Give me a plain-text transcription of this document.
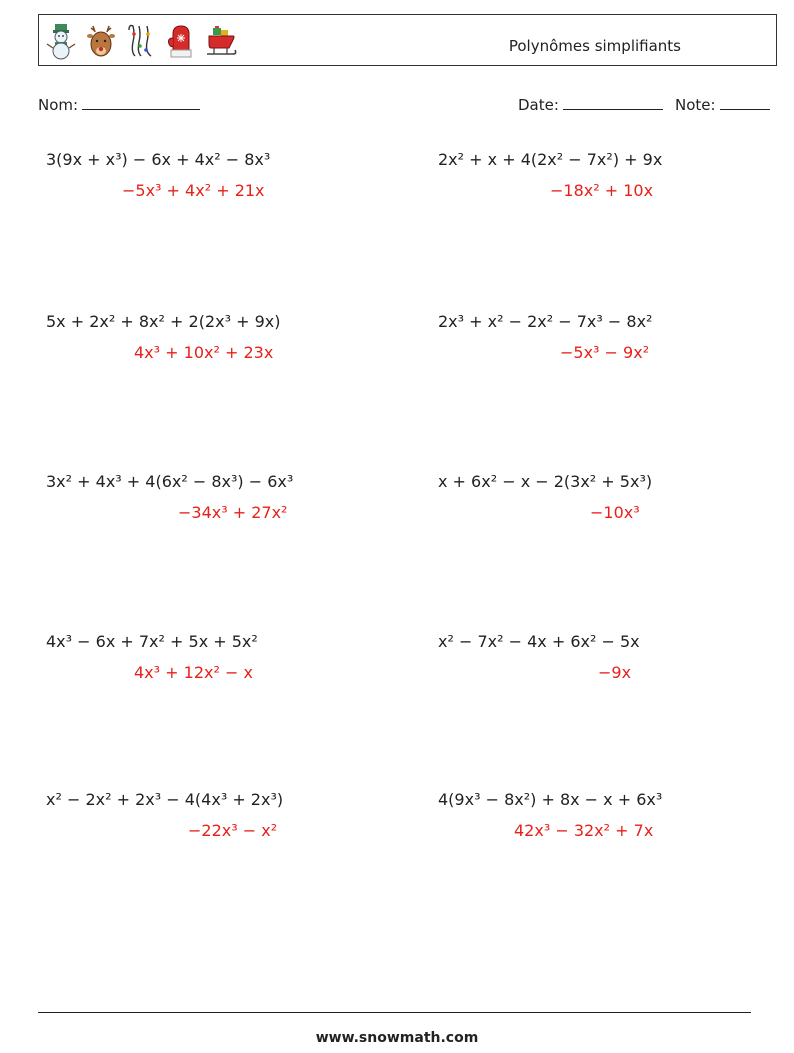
Polynômes simplifiants
Nom:	Date:	Note:
3(9x + x³) − 6x + 4x² − 8x³
−5x³ + 4x² + 21x
2x² + x + 4(2x² − 7x²) + 9x
−18x² + 10x
5x + 2x² + 8x² + 2(2x³ + 9x)
4x³ + 10x² + 23x
2x³ + x² − 2x² − 7x³ − 8x²
−5x³ − 9x²
3x² + 4x³ + 4(6x² − 8x³) − 6x³
−34x³ + 27x²
x + 6x² − x − 2(3x² + 5x³)
−10x³
4x³ − 6x + 7x² + 5x + 5x²
4x³ + 12x² − x
x² − 7x² − 4x + 6x² − 5x
−9x
x² − 2x² + 2x³ − 4(4x³ + 2x³)
−22x³ − x²
4(9x³ − 8x²) + 8x − x + 6x³
42x³ − 32x² + 7x
www.snowmath.com
